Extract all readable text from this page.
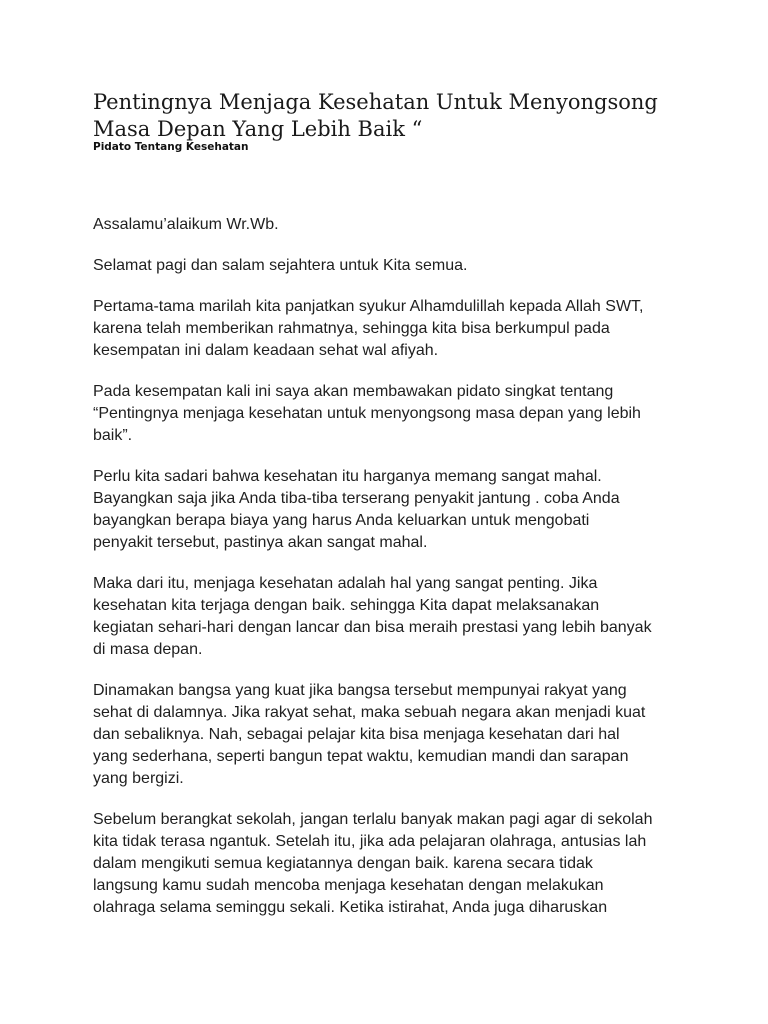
Pentingnya Menjaga Kesehatan Untuk Menyongsong
Masa Depan Yang Lebih Baik “
Pidato Tentang Kesehatan

Assalamu’alaikum Wr.Wb.

Selamat pagi dan salam sejahtera untuk Kita semua.

Pertama-tama marilah kita panjatkan syukur Alhamdulillah kepada Allah SWT,
karena telah memberikan rahmatnya, sehingga kita bisa berkumpul pada
kesempatan ini dalam keadaan sehat wal afiyah.

Pada kesempatan kali ini saya akan membawakan pidato singkat tentang
“Pentingnya menjaga kesehatan untuk menyongsong masa depan yang lebih
baik”.

Perlu kita sadari bahwa kesehatan itu harganya memang sangat mahal.
Bayangkan saja jika Anda tiba-tiba terserang penyakit jantung . coba Anda
bayangkan berapa biaya yang harus Anda keluarkan untuk mengobati
penyakit tersebut, pastinya akan sangat mahal.

Maka dari itu, menjaga kesehatan adalah hal yang sangat penting. Jika
kesehatan kita terjaga dengan baik. sehingga Kita dapat melaksanakan
kegiatan sehari-hari dengan lancar dan bisa meraih prestasi yang lebih banyak
di masa depan.

Dinamakan bangsa yang kuat jika bangsa tersebut mempunyai rakyat yang
sehat di dalamnya. Jika rakyat sehat, maka sebuah negara akan menjadi kuat
dan sebaliknya. Nah, sebagai pelajar kita bisa menjaga kesehatan dari hal
yang sederhana, seperti bangun tepat waktu, kemudian mandi dan sarapan
yang bergizi.

Sebelum berangkat sekolah, jangan terlalu banyak makan pagi agar di sekolah
kita tidak terasa ngantuk. Setelah itu, jika ada pelajaran olahraga, antusias lah
dalam mengikuti semua kegiatannya dengan baik. karena secara tidak
langsung kamu sudah mencoba menjaga kesehatan dengan melakukan
olahraga selama seminggu sekali. Ketika istirahat, Anda juga diharuskan
